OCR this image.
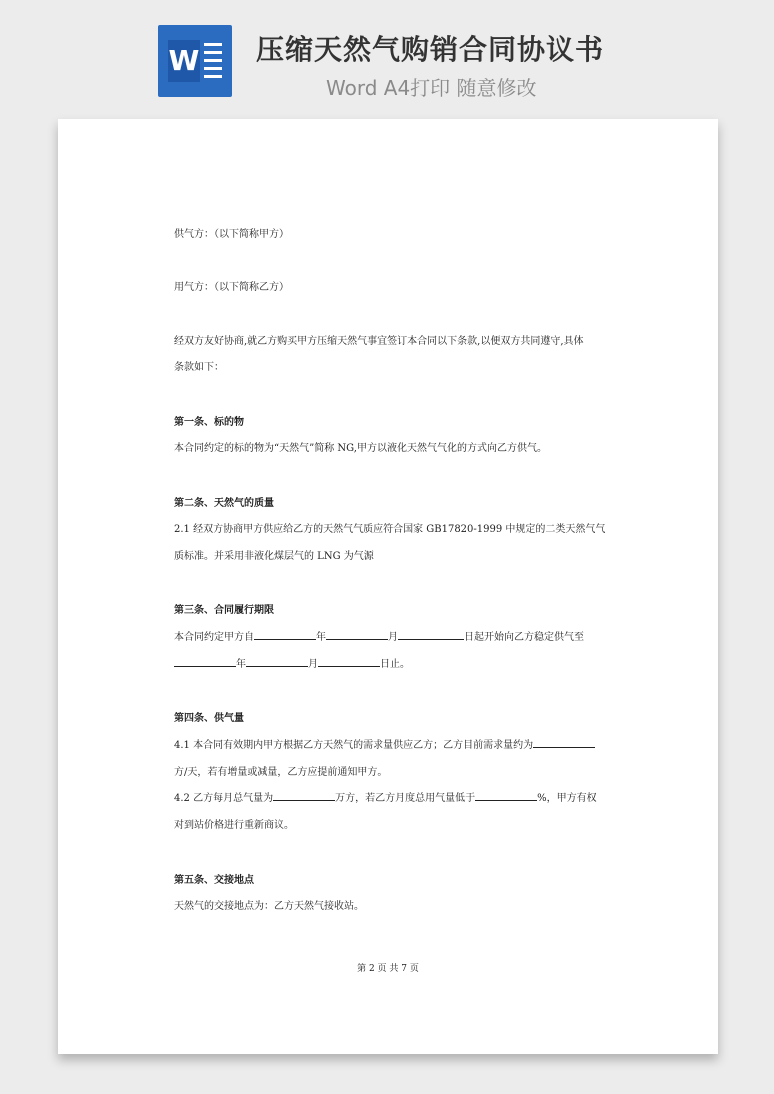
W 压缩天然气购销合同协议书
Word A4打印 随意修改

供气方：（以下简称甲方）
用气方：（以下简称乙方）
经双方友好协商,就乙方购买甲方压缩天然气事宜签订本合同以下条款,以便双方共同遵守,具体
条款如下：
第一条、标的物
本合同约定的标的物为“天然气”简称 NG,甲方以液化天然气气化的方式向乙方供气。
第二条、天然气的质量
2.1 经双方协商甲方供应给乙方的天然气气质应符合国家 GB17820-1999 中规定的二类天然气气
质标准。并采用非液化煤层气的 LNG 为气源
第三条、合同履行期限
本合同约定甲方自	年	月	日起开始向乙方稳定供气至
年	月	日止。
第四条、供气量
4.1 本合同有效期内甲方根据乙方天然气的需求量供应乙方；乙方目前需求量约为
方/天，若有增量或减量，乙方应提前通知甲方。
4.2 乙方每月总气量为	万方，若乙方月度总用气量低于	%，甲方有权
对到站价格进行重新商议。
第五条、交接地点
天然气的交接地点为：乙方天然气接收站。
第 2 页 共 7 页
